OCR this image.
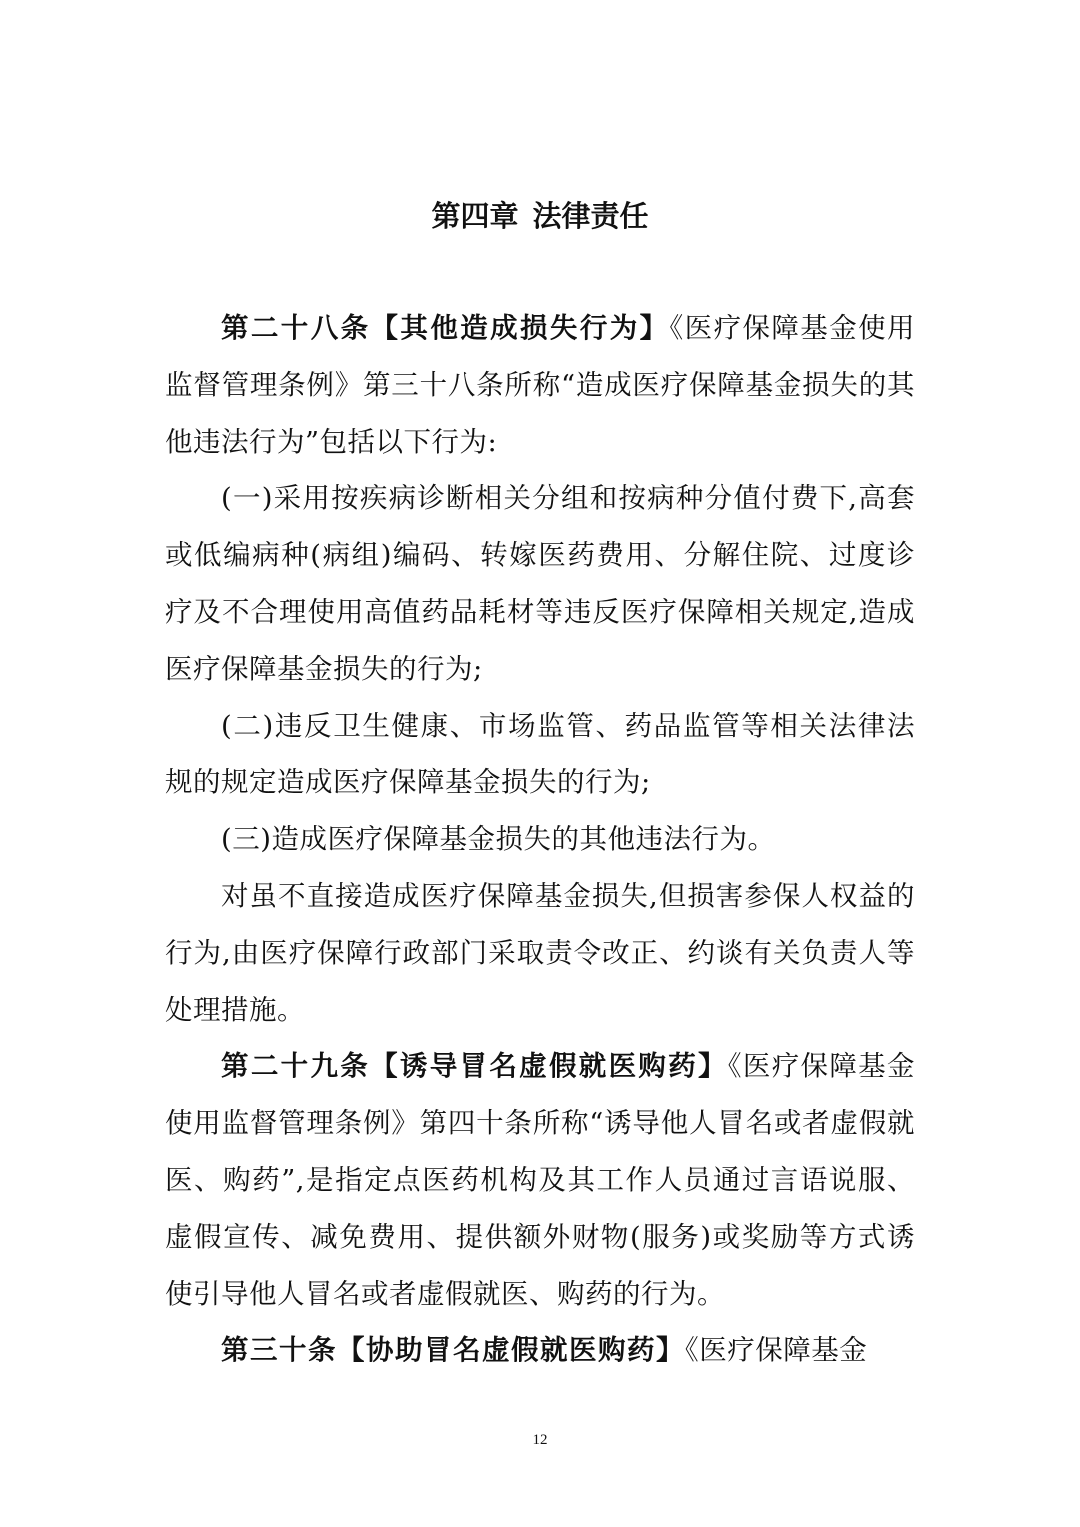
第四章 法律责任

第二十八条【其他造成损失行为】《医疗保障基金使用监督管理条例》第三十八条所称“造成医疗保障基金损失的其他违法行为”包括以下行为:

(一)采用按疾病诊断相关分组和按病种分值付费下,高套或低编病种(病组)编码、转嫁医药费用、分解住院、过度诊疗及不合理使用高值药品耗材等违反医疗保障相关规定,造成医疗保障基金损失的行为;

(二)违反卫生健康、市场监管、药品监管等相关法律法规的规定造成医疗保障基金损失的行为;

(三)造成医疗保障基金损失的其他违法行为。

对虽不直接造成医疗保障基金损失,但损害参保人权益的行为,由医疗保障行政部门采取责令改正、约谈有关负责人等处理措施。

第二十九条【诱导冒名虚假就医购药】《医疗保障基金使用监督管理条例》第四十条所称“诱导他人冒名或者虚假就医、购药”,是指定点医药机构及其工作人员通过言语说服、虚假宣传、减免费用、提供额外财物(服务)或奖励等方式诱使引导他人冒名或者虚假就医、购药的行为。

第三十条【协助冒名虚假就医购药】《医疗保障基金

12
